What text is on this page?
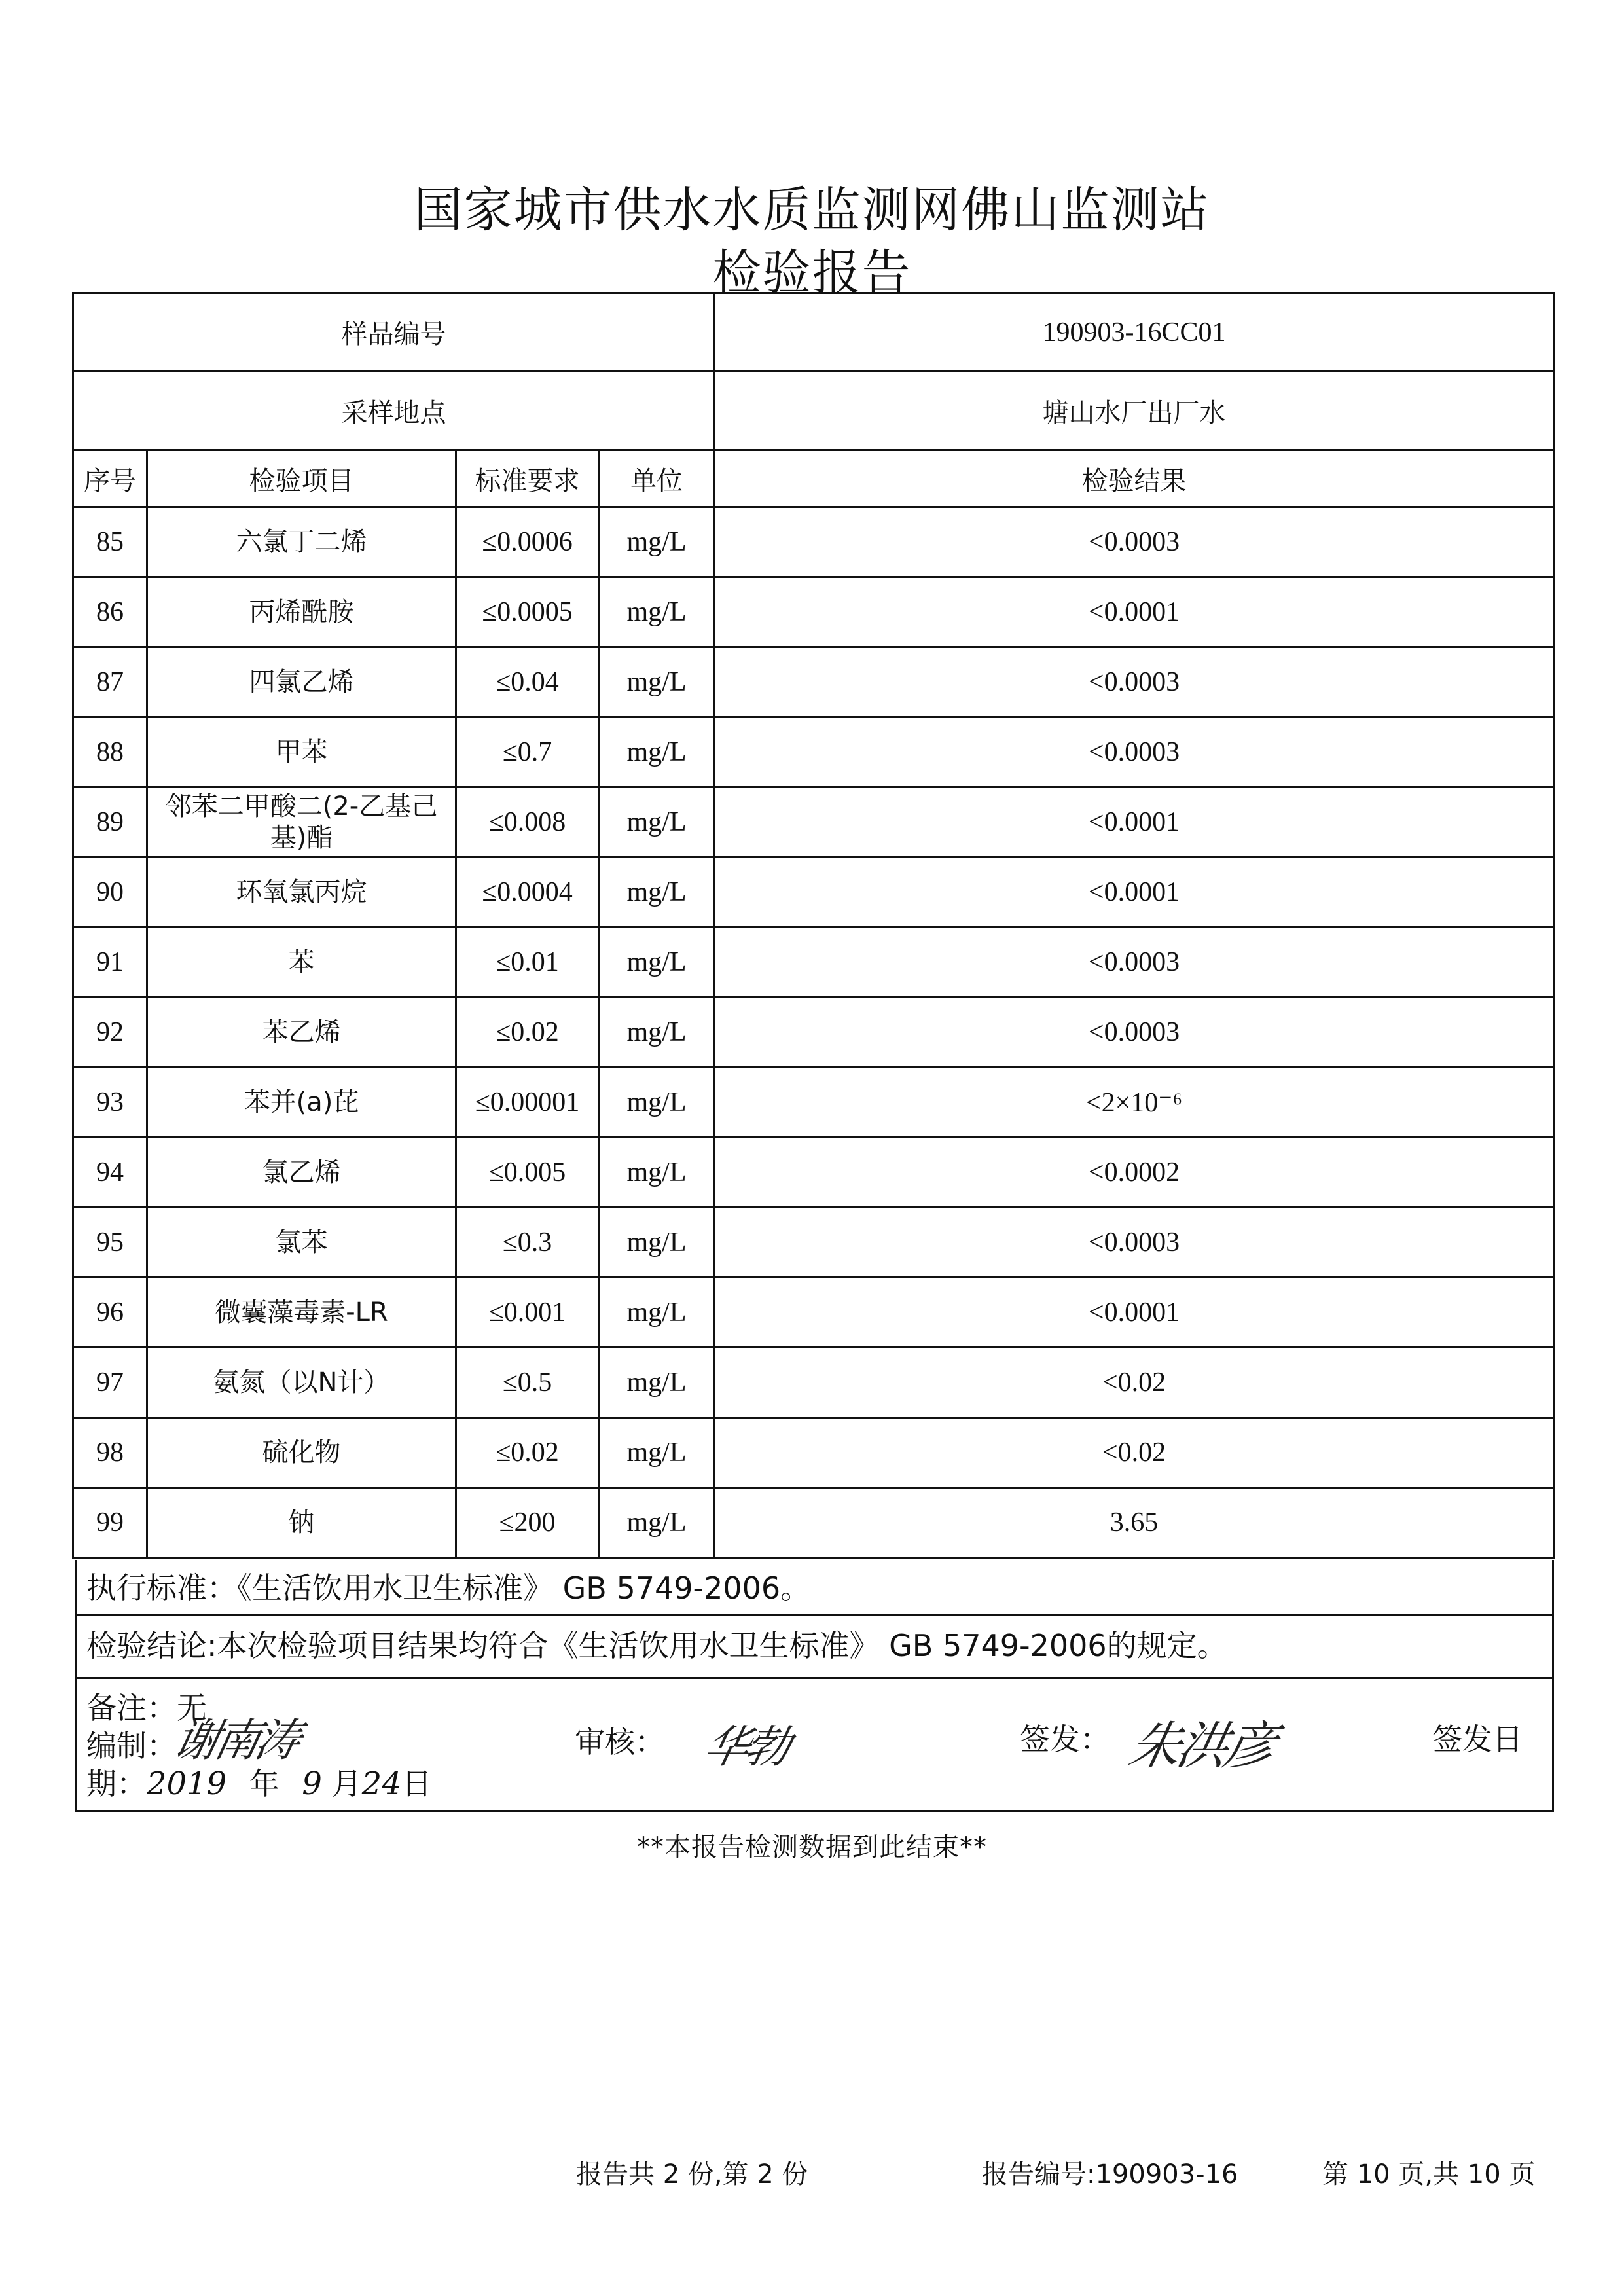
国家城市供水水质监测网佛山监测站
检验报告
样品编号				190903-16CC01
采样地点				塘山水厂出厂水
序号	检验项目	标准要求	单位	检验结果
85	六氯丁二烯	≤0.0006	mg/L	<0.0003
86	丙烯酰胺	≤0.0005	mg/L	<0.0001
87	四氯乙烯	≤0.04	mg/L	<0.0003
88	甲苯	≤0.7	mg/L	<0.0003
89	邻苯二甲酸二(2-乙基己基)酯	≤0.008	mg/L	<0.0001
90	环氧氯丙烷	≤0.0004	mg/L	<0.0001
91	苯	≤0.01	mg/L	<0.0003
92	苯乙烯	≤0.02	mg/L	<0.0003
93	苯并(a)芘	≤0.00001	mg/L	<2×10⁻⁶
94	氯乙烯	≤0.005	mg/L	<0.0002
95	氯苯	≤0.3	mg/L	<0.0003
96	微囊藻毒素-LR	≤0.001	mg/L	<0.0001
97	氨氮（以N计）	≤0.5	mg/L	<0.02
98	硫化物	≤0.02	mg/L	<0.02
99	钠	≤200	mg/L	3.65
执行标准：《生活饮用水卫生标准》 GB 5749-2006。
检验结论:本次检验项目结果均符合《生活饮用水卫生标准》 GB 5749-2006的规定。
备注：无
编制：
谢南涛	审核： 华勃	签发： 朱洪彦	签发日
期：2019 年 9 月24日
**本报告检测数据到此结束**
报告共 2 份,第 2 份	报告编号:190903-16	第 10 页,共 10 页
